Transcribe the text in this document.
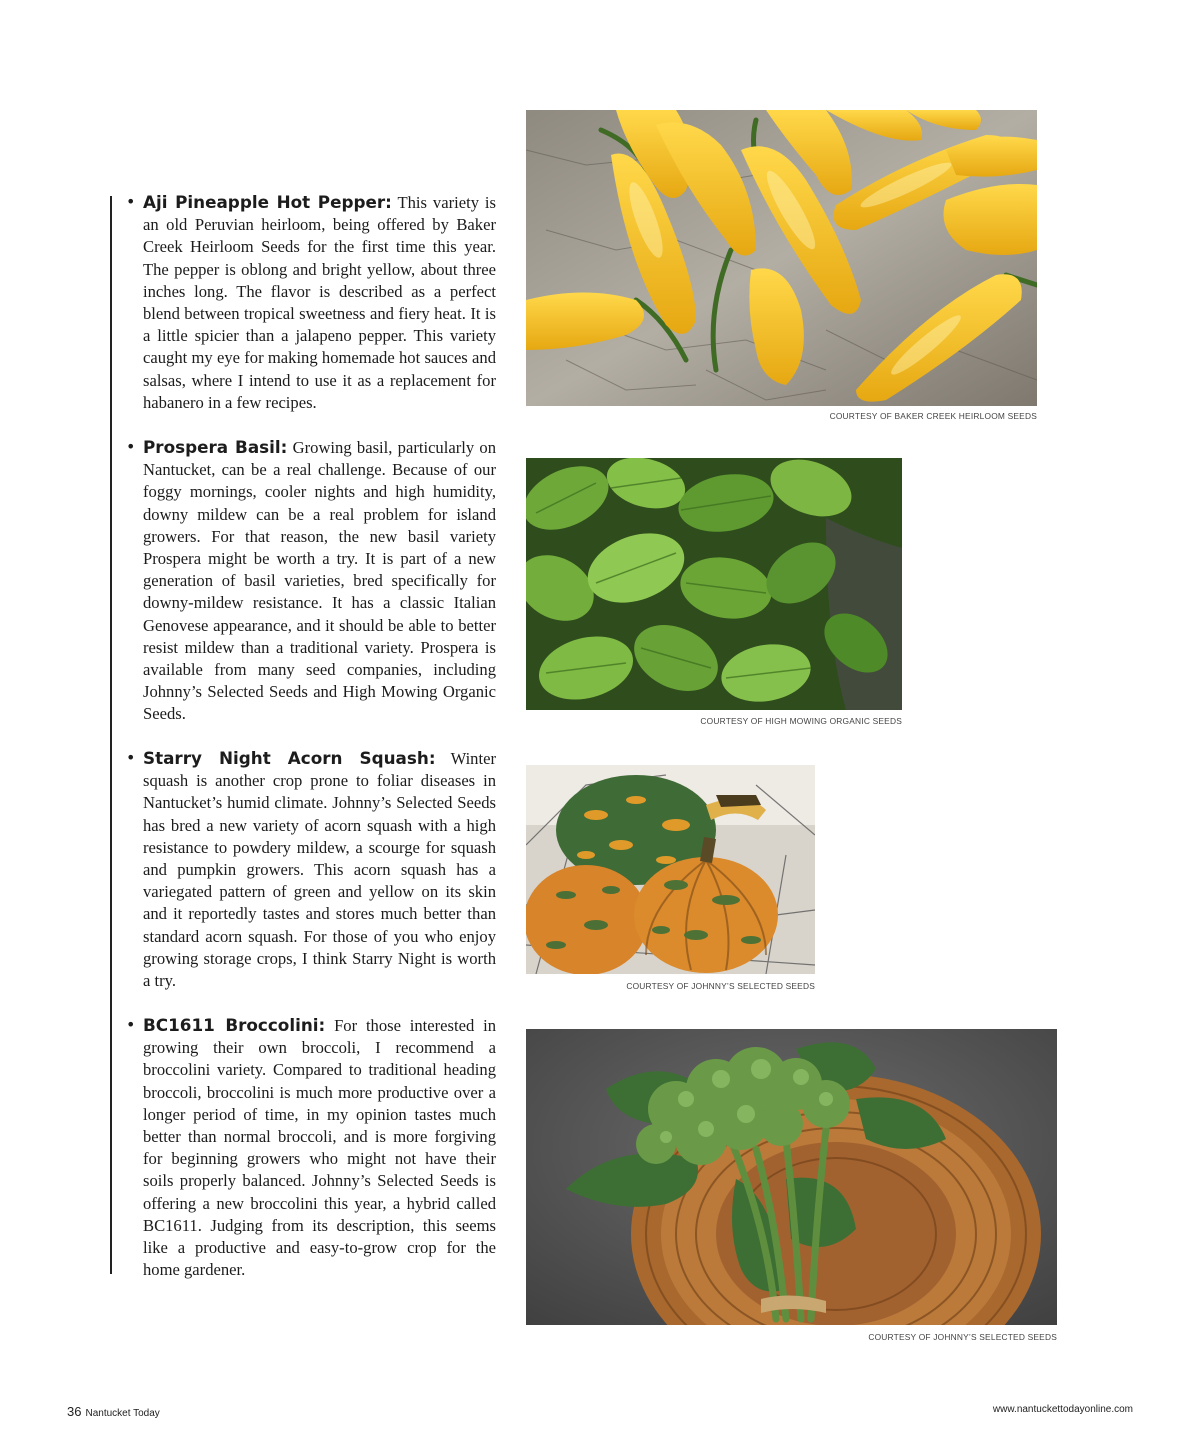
• Aji Pineapple Hot Pepper: This variety is an old Peruvian heirloom, being offered by Baker Creek Heirloom Seeds for the first time this year. The pepper is oblong and bright yellow, about three inches long. The flavor is described as a perfect blend between tropical sweetness and fiery heat. It is a little spicier than a jalapeno pepper. This variety caught my eye for making homemade hot sauces and salsas, where I intend to use it as a replacement for habanero in a few recipes.
• Prospera Basil: Growing basil, particularly on Nantucket, can be a real challenge. Because of our foggy mornings, cooler nights and high humidity, downy mildew can be a real problem for island growers. For that reason, the new basil variety Prospera might be worth a try. It is part of a new generation of basil varieties, bred specifically for downy-mildew resistance. It has a classic Italian Genovese appearance, and it should be able to better resist mildew than a traditional variety. Prospera is available from many seed companies, including Johnny’s Selected Seeds and High Mowing Organic Seeds.
• Starry Night Acorn Squash: Winter squash is another crop prone to foliar diseases in Nantucket’s humid climate. Johnny’s Selected Seeds has bred a new variety of acorn squash with a high resistance to powdery mildew, a scourge for squash and pumpkin growers. This acorn squash has a variegated pattern of green and yellow on its skin and it reportedly tastes and stores much better than standard acorn squash. For those of you who enjoy growing storage crops, I think Starry Night is worth a try.
• BC1611 Broccolini: For those interested in growing their own broccoli, I recommend a broccolini variety. Compared to traditional heading broccoli, broccolini is much more productive over a longer period of time, in my opinion tastes much better than normal broccoli, and is more forgiving for beginning growers who might not have their soils properly balanced. Johnny’s Selected Seeds is offering a new broccolini this year, a hybrid called BC1611. Judging from its description, this seems like a productive and easy-to-grow crop for the home gardener.
COURTESY OF BAKER CREEK HEIRLOOM SEEDS
COURTESY OF HIGH MOWING ORGANIC SEEDS
COURTESY OF JOHNNY’S SELECTED SEEDS
COURTESY OF JOHNNY’S SELECTED SEEDS
36 Nantucket Today	www.nantuckettodayonline.com
